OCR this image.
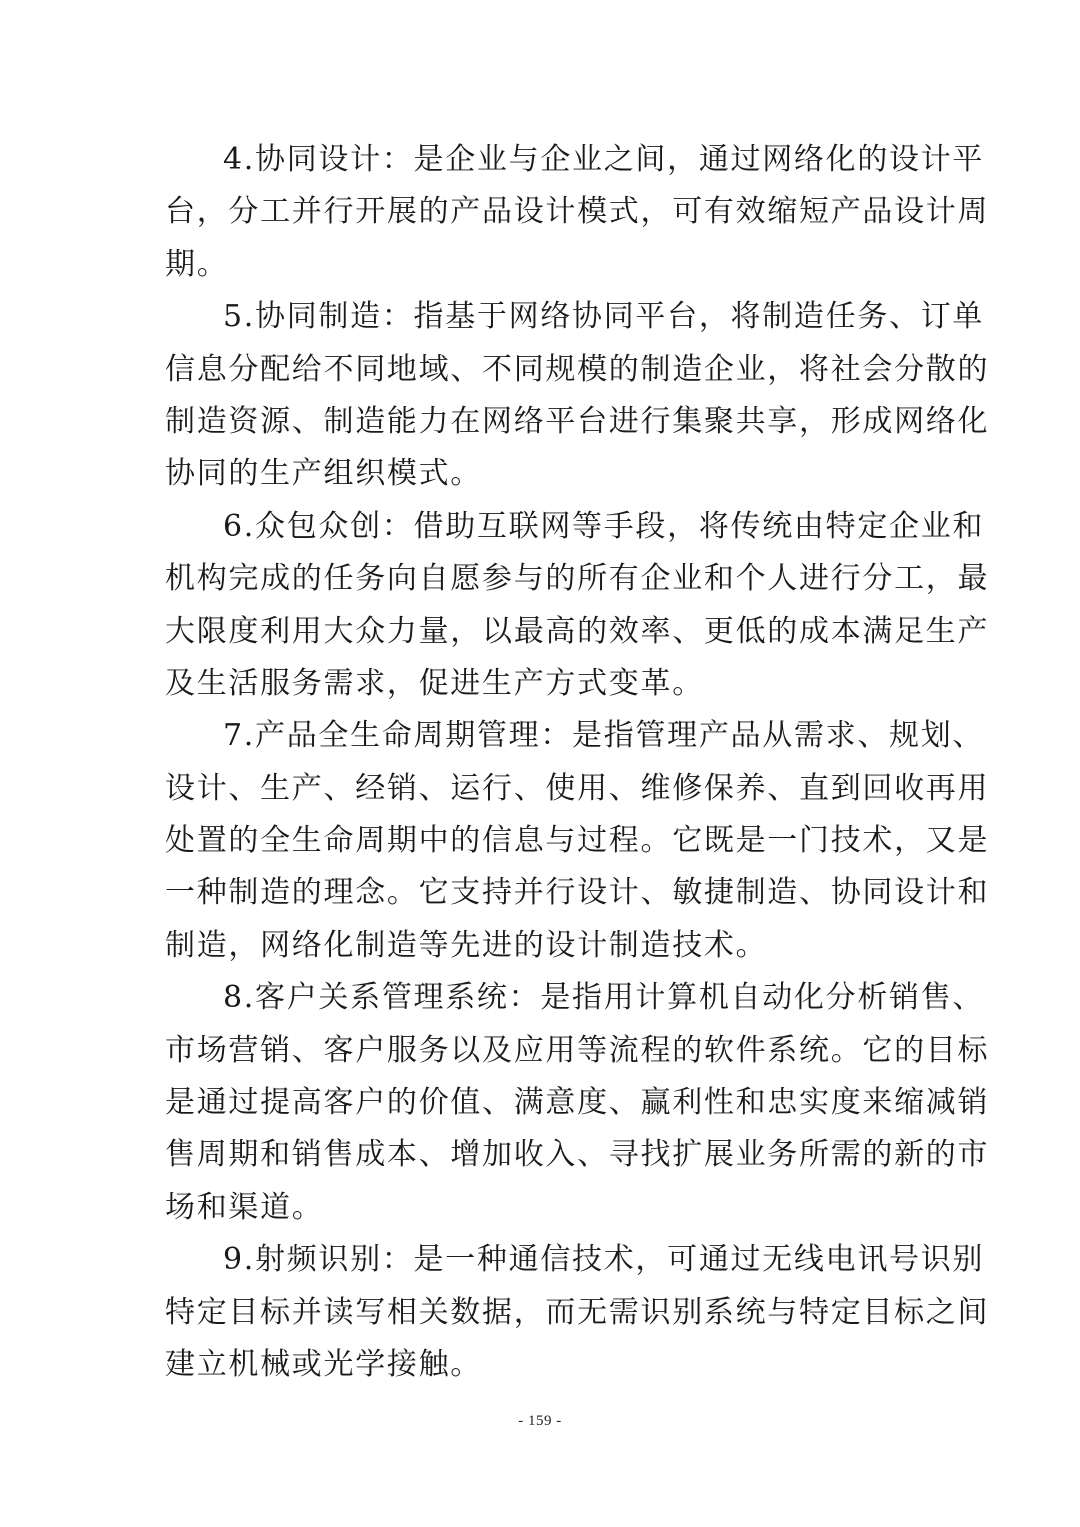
4.协同设计：是企业与企业之间，通过网络化的设计平
台，分工并行开展的产品设计模式，可有效缩短产品设计周
期。
5.协同制造：指基于网络协同平台，将制造任务、订单
信息分配给不同地域、不同规模的制造企业，将社会分散的
制造资源、制造能力在网络平台进行集聚共享，形成网络化
协同的生产组织模式。
6.众包众创：借助互联网等手段，将传统由特定企业和
机构完成的任务向自愿参与的所有企业和个人进行分工，最
大限度利用大众力量，以最高的效率、更低的成本满足生产
及生活服务需求，促进生产方式变革。
7.产品全生命周期管理：是指管理产品从需求、规划、
设计、生产、经销、运行、使用、维修保养、直到回收再用
处置的全生命周期中的信息与过程。它既是一门技术，又是
一种制造的理念。它支持并行设计、敏捷制造、协同设计和
制造，网络化制造等先进的设计制造技术。
8.客户关系管理系统：是指用计算机自动化分析销售、
市场营销、客户服务以及应用等流程的软件系统。它的目标
是通过提高客户的价值、满意度、赢利性和忠实度来缩减销
售周期和销售成本、增加收入、寻找扩展业务所需的新的市
场和渠道。
9.射频识别：是一种通信技术，可通过无线电讯号识别
特定目标并读写相关数据，而无需识别系统与特定目标之间
建立机械或光学接触。
- 159 -
